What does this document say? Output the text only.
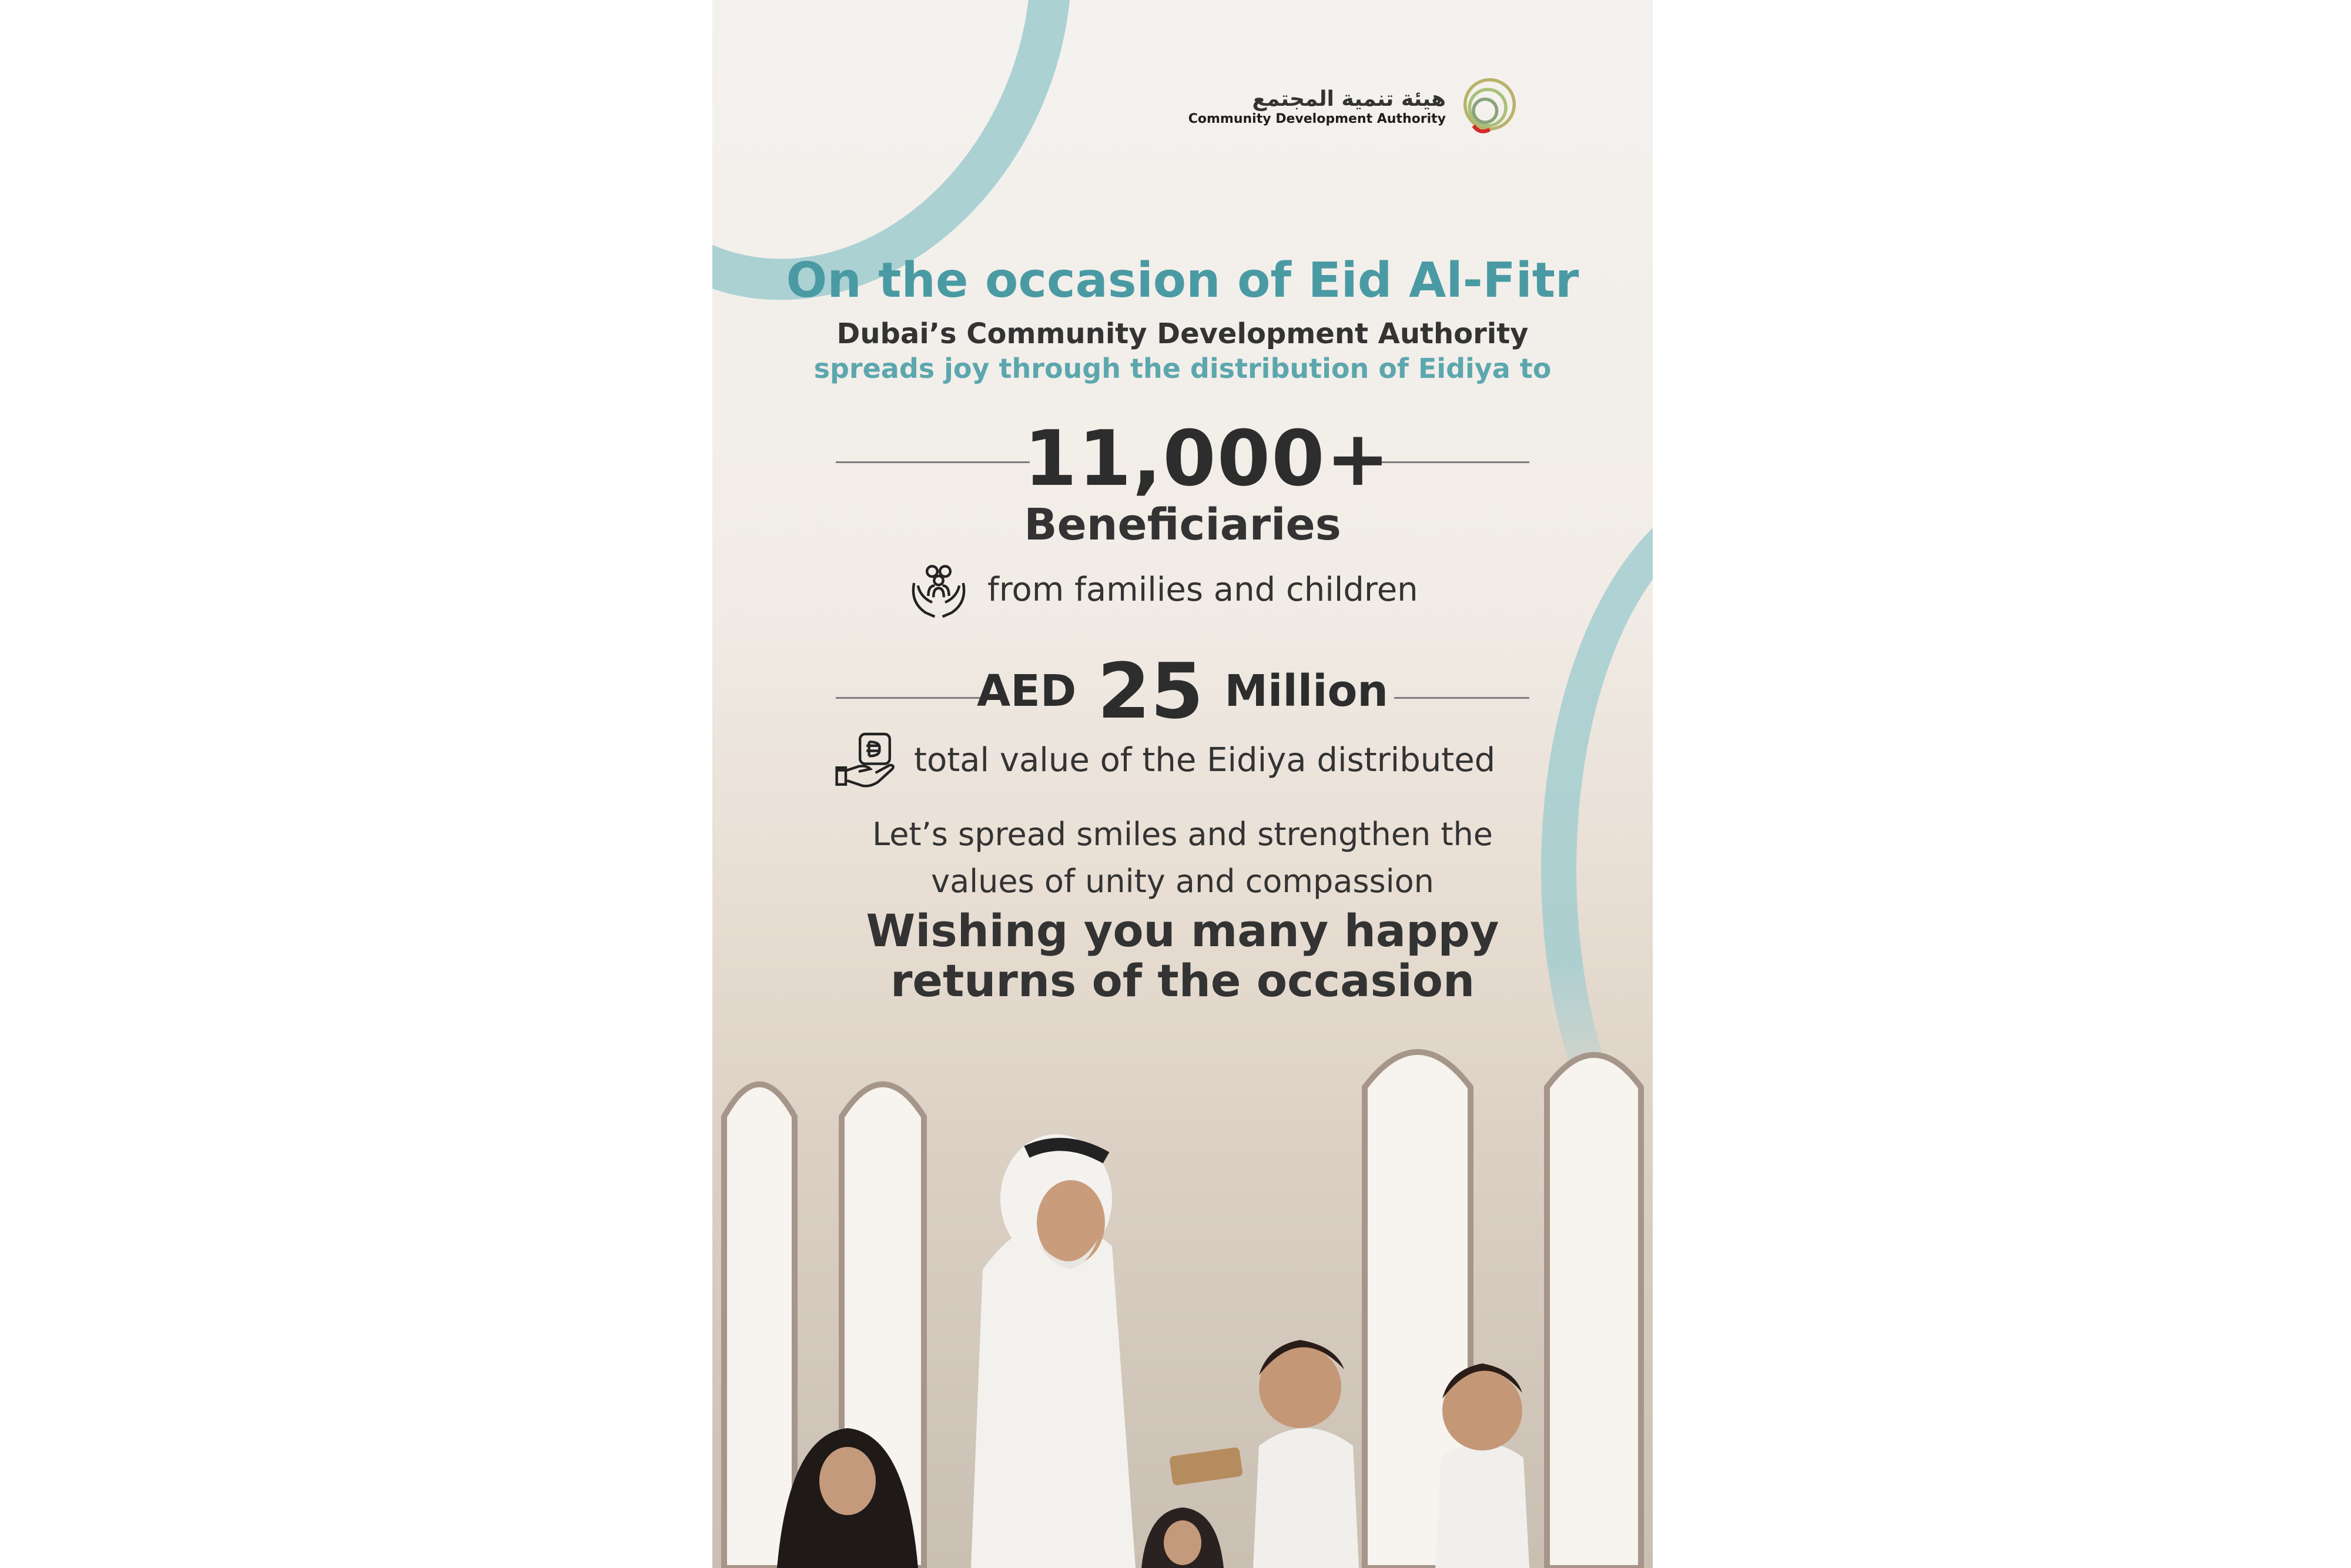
هيئة تنمية المجتمع
Community Development Authority
On the occasion of Eid Al-Fitr
Dubai’s Community Development Authority
spreads joy through the distribution of Eidiya to
11,000+
Beneficiaries
from families and children
AED 25 Million
total value of the Eidiya distributed
Let’s spread smiles and strengthen the
values of unity and compassion
Wishing you many happy
returns of the occasion
